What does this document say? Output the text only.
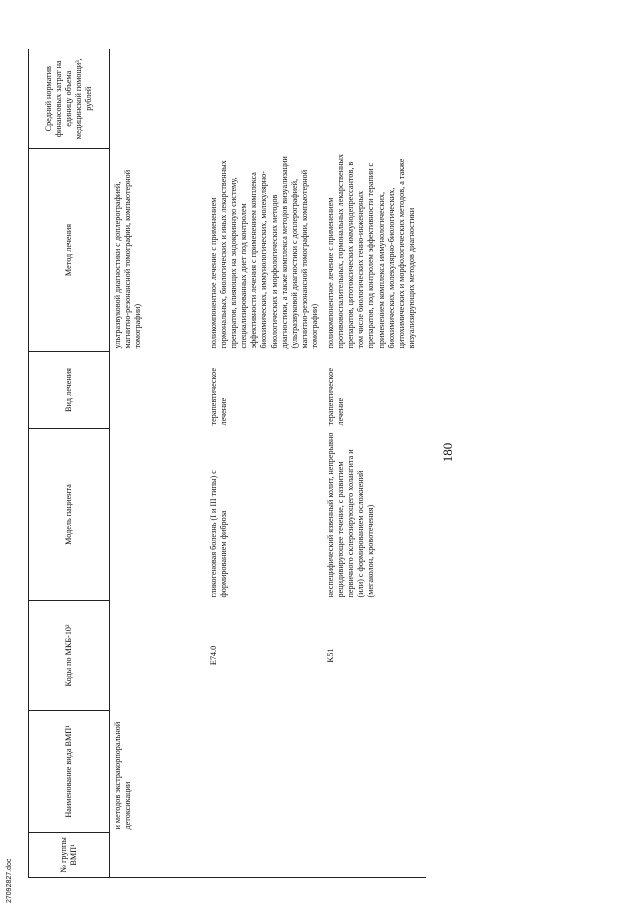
27092827.doc
№ группы ВМП¹	Наименование вида ВМП¹	Коды по МКБ-10²	Модель пациента	Вид лечения	Метод лечения	Средний норматив финансовых затрат на единицу объема медицинской помощи³, рублей
	и методов экстракорпоральной детоксикации				ультразвуковой диагностики с доплерографией, магнитно-резонансной томографии, компьютерной томографии)	
		E74.0	гликогеновая болезнь (I и III типы) с формированием фиброза	терапевтическое лечение	поликомпонентное лечение с применением гормональных, биологических и иных лекарственных препаратов, влияющих на эндокринную систему, специализированных диет под контролем эффективности лечения с применением комплекса биохимических, иммунологических, молекулярно-биологических и морфологических методов диагностики, а также комплекса методов визуализации (ультразвуковой диагностики с доплерографией, магнитно-резонансной томографии, компьютерной томографии)	
		K51	неспецифический язвенный колит, непрерывно рецидивирующее течение, с развитием первичного склерозирующего холангита и (или) с формированием осложнений (мегаколон, кровотечения)	терапевтическое лечение	поликомпонентное лечение с применением противовоспалительных, гормональных лекарственных препаратов, цитотоксических иммунодепрессантов, в том числе биологических генно-инженерных препаратов, под контролем эффективности терапии с применением комплекса иммунологических, биохимических, молекулярно-биологических, цитохимических и морфологических методов, а также визуализирующих методов диагностики	
180
